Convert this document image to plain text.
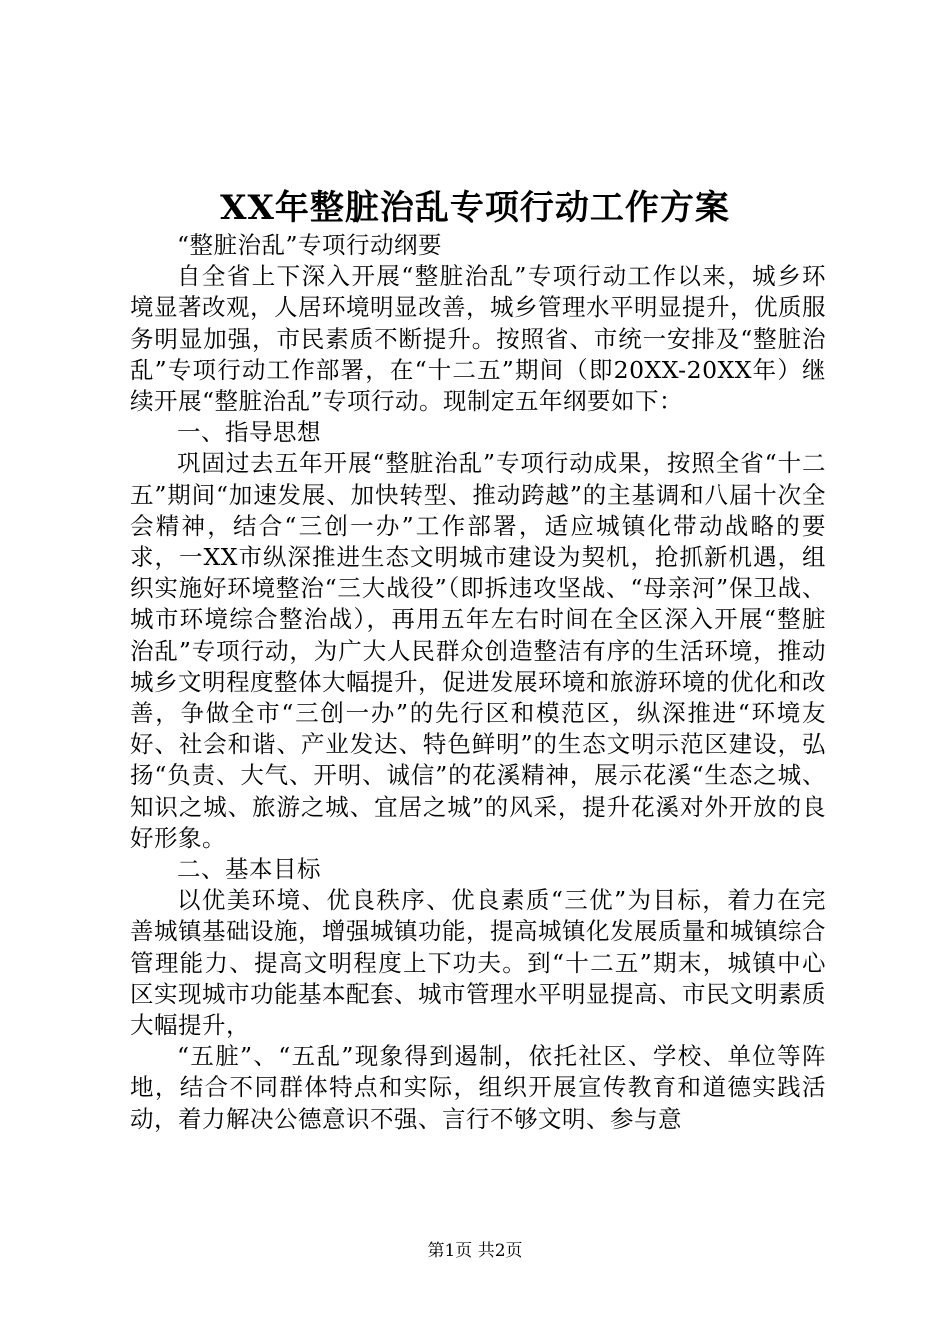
XX年整脏治乱专项行动工作方案

“整脏治乱”专项行动纲要

自全省上下深入开展“整脏治乱”专项行动工作以来，城乡环境显著改观，人居环境明显改善，城乡管理水平明显提升，优质服务明显加强，市民素质不断提升。按照省、市统一安排及“整脏治乱”专项行动工作部署，在“十二五”期间（即20XX-20XX年）继续开展“整脏治乱”专项行动。现制定五年纲要如下：

一、指导思想

巩固过去五年开展“整脏治乱”专项行动成果，按照全省“十二五”期间“加速发展、加快转型、推动跨越”的主基调和八届十次全会精神，结合“三创一办”工作部署，适应城镇化带动战略的要求，一XX市纵深推进生态文明城市建设为契机，抢抓新机遇，组织实施好环境整治“三大战役”（即拆违攻坚战、“母亲河”保卫战、城市环境综合整治战），再用五年左右时间在全区深入开展“整脏治乱”专项行动，为广大人民群众创造整洁有序的生活环境，推动城乡文明程度整体大幅提升，促进发展环境和旅游环境的优化和改善，争做全市“三创一办”的先行区和模范区，纵深推进“环境友好、社会和谐、产业发达、特色鲜明”的生态文明示范区建设，弘扬“负责、大气、开明、诚信”的花溪精神，展示花溪“生态之城、知识之城、旅游之城、宜居之城”的风采，提升花溪对外开放的良好形象。

二、基本目标

以优美环境、优良秩序、优良素质“三优”为目标，着力在完善城镇基础设施，增强城镇功能，提高城镇化发展质量和城镇综合管理能力、提高文明程度上下功夫。到“十二五”期末，城镇中心区实现城市功能基本配套、城市管理水平明显提高、市民文明素质大幅提升，

“五脏”、“五乱”现象得到遏制，依托社区、学校、单位等阵地，结合不同群体特点和实际，组织开展宣传教育和道德实践活动，着力解决公德意识不强、言行不够文明、参与意

第1页 共2页
